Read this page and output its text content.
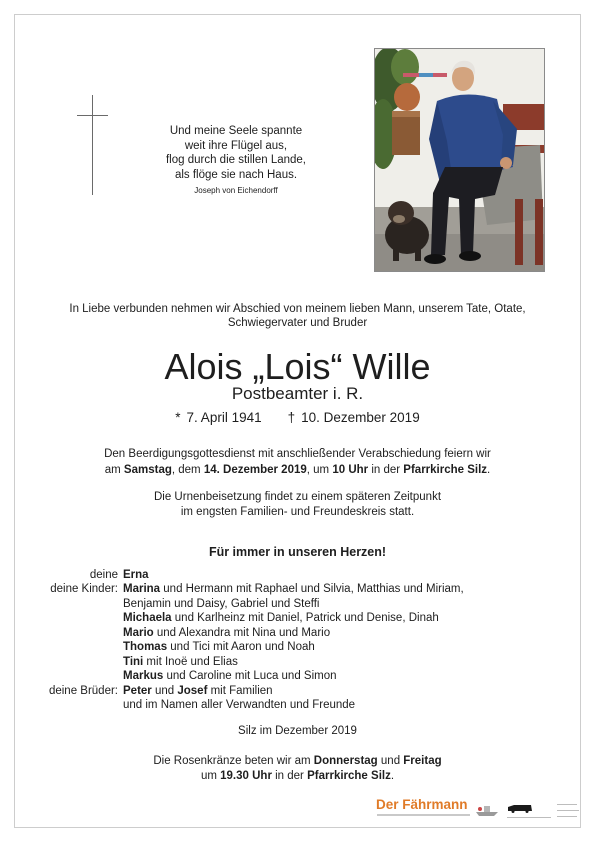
Und meine Seele spannte
weit ihre Flügel aus,
flog durch die stillen Lande,
als flöge sie nach Haus.
Joseph von Eichendorff
In Liebe verbunden nehmen wir Abschied von meinem lieben Mann, unserem Tate, Otate,
Schwiegervater und Bruder
Alois „Lois“ Wille
Postbeamter i. R.
* 7. April 1941 † 10. Dezember 2019
Den Beerdigungsgottesdienst mit anschließender Verabschiedung feiern wir
am Samstag, dem 14. Dezember 2019, um 10 Uhr in der Pfarrkirche Silz.
Die Urnenbeisetzung findet zu einem späteren Zeitpunkt
im engsten Familien- und Freundeskreis statt.
Für immer in unseren Herzen!
deine Erna
deine Kinder: Marina und Hermann mit Raphael und Silvia, Matthias und Miriam,
Benjamin und Daisy, Gabriel und Steffi
Michaela und Karlheinz mit Daniel, Patrick und Denise, Dinah
Mario und Alexandra mit Nina und Mario
Thomas und Tici mit Aaron und Noah
Tini mit Inoë und Elias
Markus und Caroline mit Luca und Simon
deine Brüder: Peter und Josef mit Familien
und im Namen aller Verwandten und Freunde
Silz im Dezember 2019
Die Rosenkränze beten wir am Donnerstag und Freitag
um 19.30 Uhr in der Pfarrkirche Silz.
Der Fährmann
